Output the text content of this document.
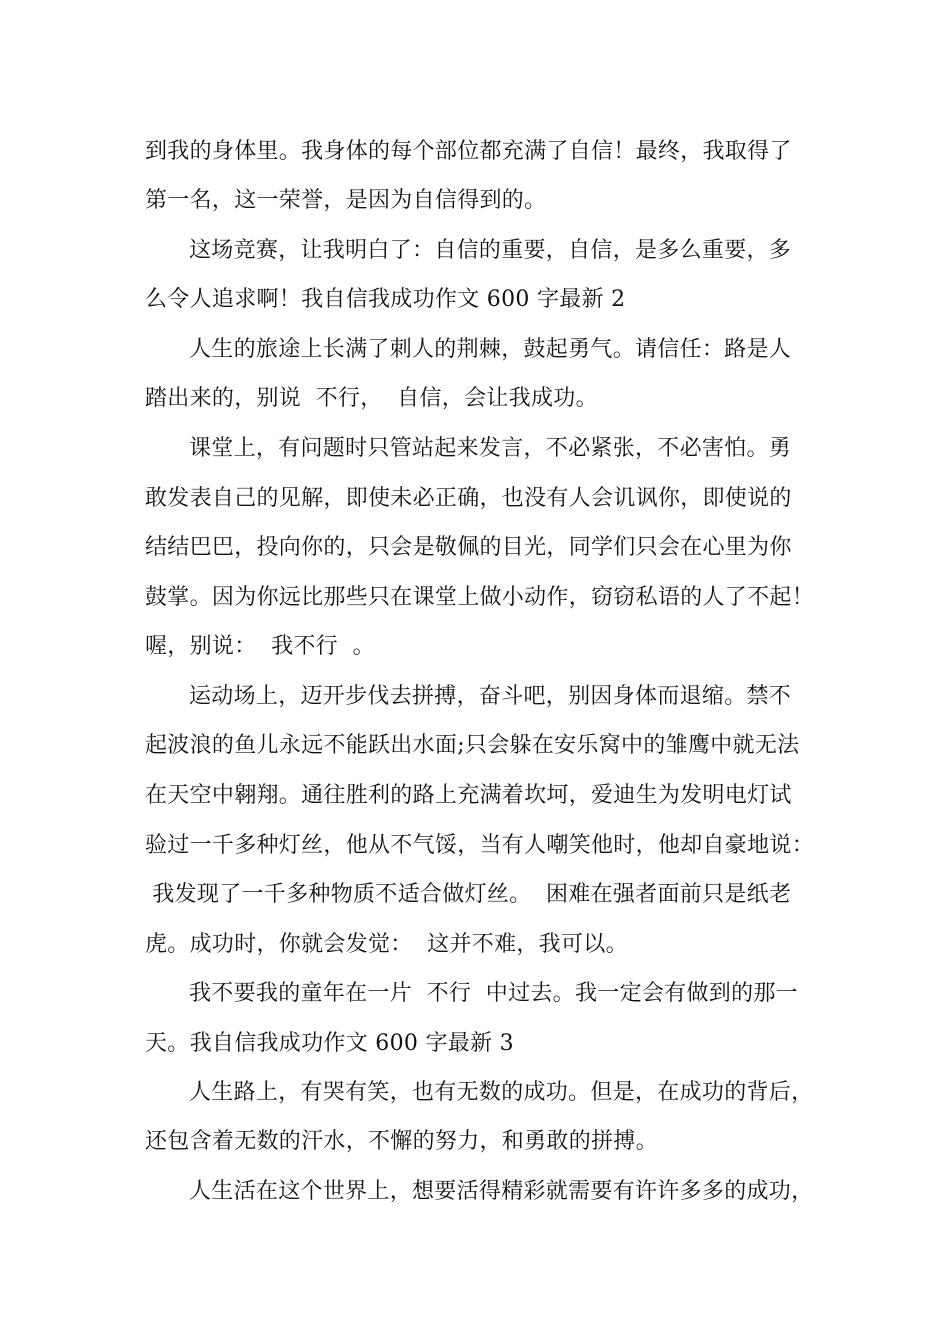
到我的身体里。我身体的每个部位都充满了自信！最终，我取得了

第一名，这一荣誉，是因为自信得到的。

这场竞赛，让我明白了：自信的重要，自信，是多么重要，多

么令人追求啊！我自信我成功作文 600 字最新 2

人生的旅途上长满了刺人的荆棘，鼓起勇气。请信任：路是人

踏出来的，别说  不行，  自信，会让我成功。

课堂上，有问题时只管站起来发言，不必紧张，不必害怕。勇

敢发表自己的见解，即使未必正确，也没有人会讥讽你，即使说的

结结巴巴，投向你的，只会是敬佩的目光，同学们只会在心里为你

鼓掌。因为你远比那些只在课堂上做小动作，窃窃私语的人了不起！

喔，别说：  我不行  。

运动场上，迈开步伐去拼搏，奋斗吧，别因身体而退缩。禁不

起波浪的鱼儿永远不能跃出水面;只会躲在安乐窝中的雏鹰中就无法

在天空中翱翔。通往胜利的路上充满着坎坷，爱迪生为发明电灯试

验过一千多种灯丝，他从不气馁，当有人嘲笑他时，他却自豪地说：

我发现了一千多种物质不适合做灯丝。  困难在强者面前只是纸老

虎。成功时，你就会发觉：  这并不难，我可以。

我不要我的童年在一片  不行  中过去。我一定会有做到的那一

天。我自信我成功作文 600 字最新 3

人生路上，有哭有笑，也有无数的成功。但是，在成功的背后，

还包含着无数的汗水，不懈的努力，和勇敢的拼搏。

人生活在这个世界上，想要活得精彩就需要有许许多多的成功，
